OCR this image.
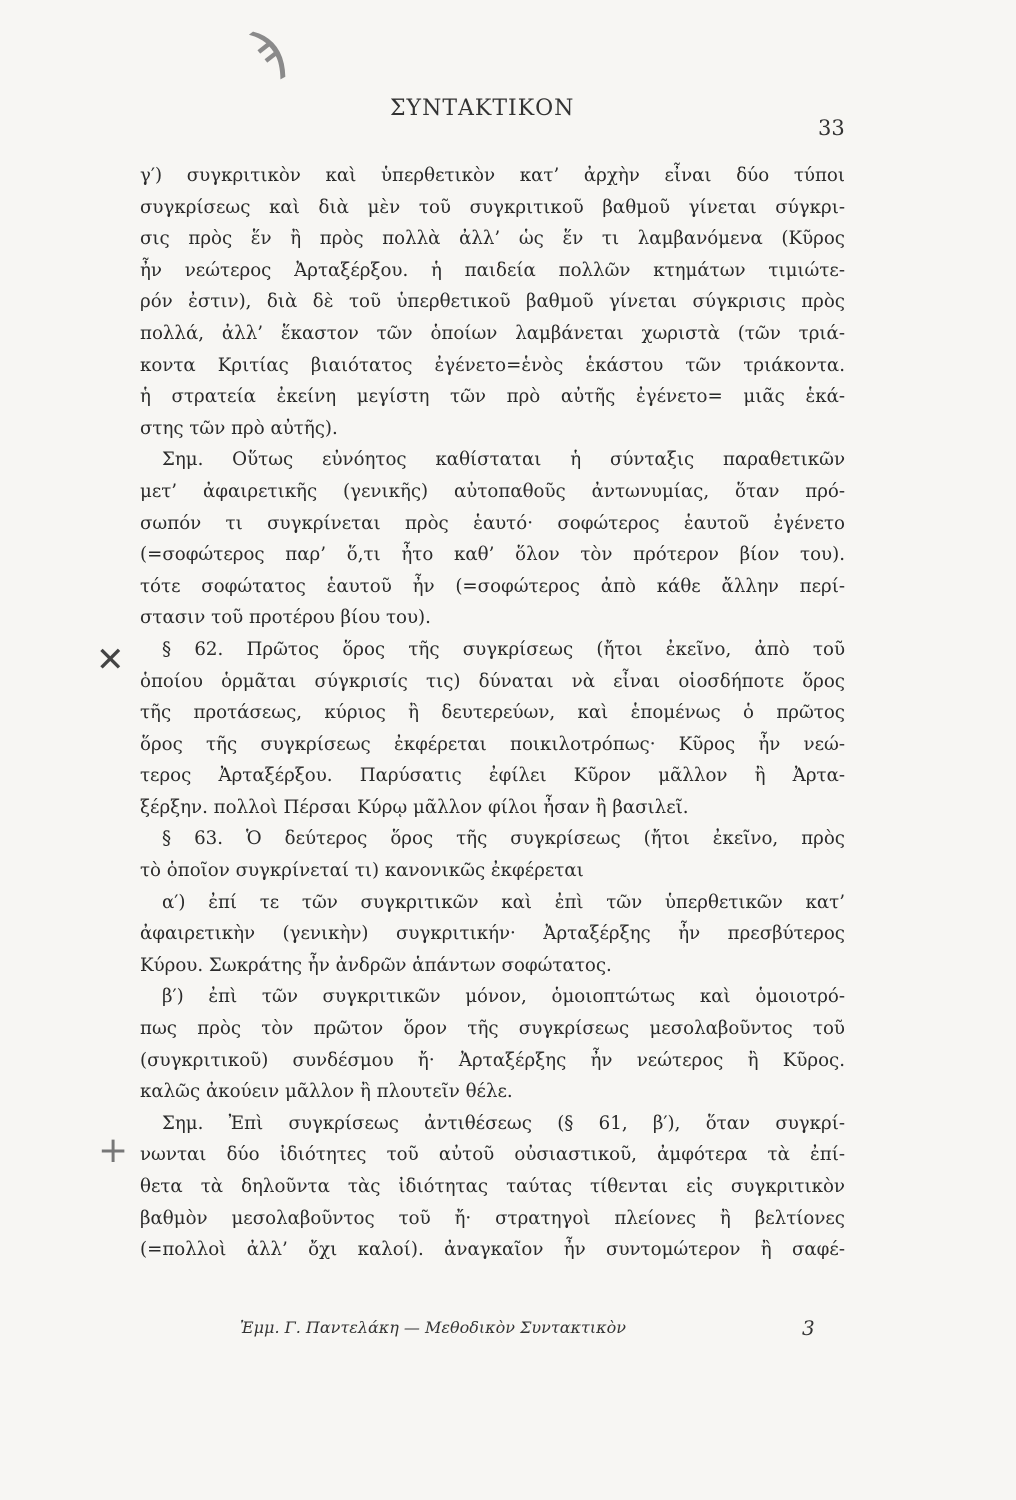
ϡ
ΣΥΝΤΑΚΤΙΚΟΝ
33
γ′) συγκριτικὸν καὶ ὑπερθετικὸν κατ’ ἀρχὴν εἶναι δύο τύποι
συγκρίσεως καὶ διὰ μὲν τοῦ συγκριτικοῦ βαθμοῦ γίνεται σύγκρι-
σις πρὸς ἕν ἢ πρὸς πολλὰ ἀλλ’ ὡς ἕν τι λαμβανόμενα (Κῦρος
ἦν νεώτερος Ἀρταξέρξου. ἡ παιδεία πολλῶν κτημάτων τιμιώτε-
ρόν ἐστιν), διὰ δὲ τοῦ ὑπερθετικοῦ βαθμοῦ γίνεται σύγκρισις πρὸς
πολλά, ἀλλ’ ἕκαστον τῶν ὁποίων λαμβάνεται χωριστὰ (τῶν τριά-
κοντα Κριτίας βιαιότατος ἐγένετο=ἑνὸς ἑκάστου τῶν τριάκοντα.
ἡ στρατεία ἐκείνη μεγίστη τῶν πρὸ αὐτῆς ἐγένετο= μιᾶς ἑκά-
στης τῶν πρὸ αὐτῆς).
Σημ. Οὕτως εὐνόητος καθίσταται ἡ σύνταξις παραθετικῶν
μετ’ ἀφαιρετικῆς (γενικῆς) αὐτοπαθοῦς ἀντωνυμίας, ὅταν πρό-
σωπόν τι συγκρίνεται πρὸς ἑαυτό· σοφώτερος ἑαυτοῦ ἐγένετο
(=σοφώτερος παρ’ ὅ,τι ἦτο καθ’ ὅλον τὸν πρότερον βίον του).
τότε σοφώτατος ἑαυτοῦ ἦν (=σοφώτερος ἀπὸ κάθε ἄλλην περί-
στασιν τοῦ προτέρου βίου του).
§ 62. Πρῶτος ὅρος τῆς συγκρίσεως (ἤτοι ἐκεῖνο, ἀπὸ τοῦ
ὁποίου ὁρμᾶται σύγκρισίς τις) δύναται νὰ εἶναι οἱοσδήποτε ὅρος
τῆς προτάσεως, κύριος ἢ δευτερεύων, καὶ ἑπομένως ὁ πρῶτος
ὅρος τῆς συγκρίσεως ἐκφέρεται ποικιλοτρόπως· Κῦρος ἦν νεώ-
τερος Ἀρταξέρξου. Παρύσατις ἐφίλει Κῦρον μᾶλλον ἢ Ἀρτα-
ξέρξην. πολλοὶ Πέρσαι Κύρῳ μᾶλλον φίλοι ἦσαν ἢ βασιλεῖ.
§ 63. Ὁ δεύτερος ὅρος τῆς συγκρίσεως (ἤτοι ἐκεῖνο, πρὸς
τὸ ὁποῖον συγκρίνεταί τι) κανονικῶς ἐκφέρεται
α′) ἐπί τε τῶν συγκριτικῶν καὶ ἐπὶ τῶν ὑπερθετικῶν κατ’
ἀφαιρετικὴν (γενικὴν) συγκριτικήν· Ἀρταξέρξης ἦν πρεσβύτερος
Κύρου. Σωκράτης ἦν ἀνδρῶν ἁπάντων σοφώτατος.
β′) ἐπὶ τῶν συγκριτικῶν μόνον, ὁμοιοπτώτως καὶ ὁμοιοτρό-
πως πρὸς τὸν πρῶτον ὅρον τῆς συγκρίσεως μεσολαβοῦντος τοῦ
(συγκριτικοῦ) συνδέσμου ἤ· Ἀρταξέρξης ἦν νεώτερος ἢ Κῦρος.
καλῶς ἀκούειν μᾶλλον ἢ πλουτεῖν θέλε.
Σημ. Ἐπὶ συγκρίσεως ἀντιθέσεως (§ 61, β′), ὅταν συγκρί-
νωνται δύο ἰδιότητες τοῦ αὐτοῦ οὐσιαστικοῦ, ἀμφότερα τὰ ἐπί-
θετα τὰ δηλοῦντα τὰς ἰδιότητας ταύτας τίθενται εἰς συγκριτικὸν
βαθμὸν μεσολαβοῦντος τοῦ ἤ· στρατηγοὶ πλείονες ἢ βελτίονες
(=πολλοὶ ἀλλ’ ὄχι καλοί). ἀναγκαῖον ἦν συντομώτερον ἢ σαφέ-
✕
+
Ἐμμ. Γ. Παντελάκη — Μεθοδικὸν Συντακτικὸν	3
